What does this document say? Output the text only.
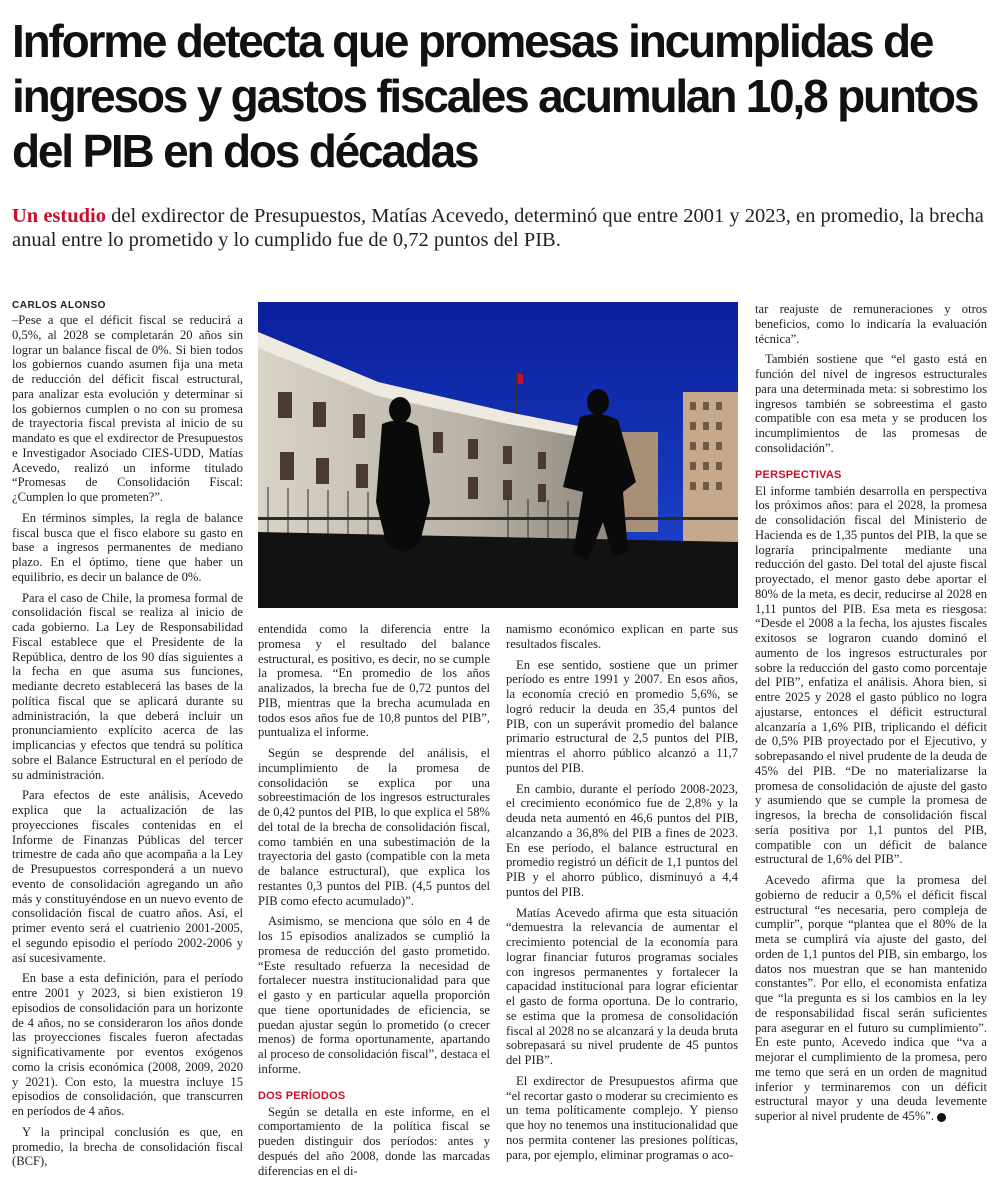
Informe detecta que promesas incumplidas de ingresos y gastos fiscales acumulan 10,8 puntos del PIB en dos décadas

Un estudio del exdirector de Presupuestos, Matías Acevedo, determinó que entre 2001 y 2023, en promedio, la brecha anual entre lo prometido y lo cumplido fue de 0,72 puntos del PIB.

CARLOS ALONSO

–Pese a que el déficit fiscal se reducirá a 0,5%, al 2028 se completarán 20 años sin lograr un balance fiscal de 0%. Si bien todos los gobiernos cuando asumen fija una meta de reducción del déficit fiscal estructural, para analizar esta evolución y determinar si los gobiernos cumplen o no con su promesa de trayectoria fiscal prevista al inicio de su mandato es que el exdirector de Presupuestos e Investigador Asociado CIES-UDD, Matías Acevedo, realizó un informe titulado “Promesas de Consolidación Fiscal: ¿Cumplen lo que prometen?”.

En términos simples, la regla de balance fiscal busca que el fisco elabore su gasto en base a ingresos permanentes de mediano plazo. En el óptimo, tiene que haber un equilibrio, es decir un balance de 0%.

Para el caso de Chile, la promesa formal de consolidación fiscal se realiza al inicio de cada gobierno. La Ley de Responsabilidad Fiscal establece que el Presidente de la República, dentro de los 90 días siguientes a la fecha en que asuma sus funciones, mediante decreto establecerá las bases de la política fiscal que se aplicará durante su administración, la que deberá incluir un pronunciamiento explícito acerca de las implicancias y efectos que tendrá su política sobre el Balance Estructural en el período de su administración.

Para efectos de este análisis, Acevedo explica que la actualización de las proyecciones fiscales contenidas en el Informe de Finanzas Públicas del tercer trimestre de cada año que acompaña a la Ley de Presupuestos corresponderá a un nuevo evento de consolidación agregando un año más y constituyéndose en un nuevo evento de consolidación fiscal de cuatro años. Así, el primer evento será el cuatrienio 2001-2005, el segundo episodio el período 2002-2006 y así sucesivamente.

En base a esta definición, para el período entre 2001 y 2023, si bien existieron 19 episodios de consolidación para un horizonte de 4 años, no se consideraron los años donde las proyecciones fiscales fueron afectadas significativamente por eventos exógenos como la crisis económica (2008, 2009, 2020 y 2021). Con esto, la muestra incluye 15 episodios de consolidación, que transcurren en períodos de 4 años.

Y la principal conclusión es que, en promedio, la brecha de consolidación fiscal (BCF),

entendida como la diferencia entre la promesa y el resultado del balance estructural, es positivo, es decir, no se cumple la promesa. “En promedio de los años analizados, la brecha fue de 0,72 puntos del PIB, mientras que la brecha acumulada en todos esos años fue de 10,8 puntos del PIB”, puntualiza el informe.

Según se desprende del análisis, el incumplimiento de la promesa de consolidación se explica por una sobreestimación de los ingresos estructurales de 0,42 puntos del PIB, lo que explica el 58% del total de la brecha de consolidación fiscal, como también en una subestimación de la trayectoria del gasto (compatible con la meta de balance estructural), que explica los restantes 0,3 puntos del PIB. (4,5 puntos del PIB como efecto acumulado)”.

Asimismo, se menciona que sólo en 4 de los 15 episodios analizados se cumplió la promesa de reducción del gasto prometido. “Este resultado refuerza la necesidad de fortalecer nuestra institucionalidad para que el gasto y en particular aquella proporción que tiene oportunidades de eficiencia, se puedan ajustar según lo prometido (o crecer menos) de forma oportunamente, apartando al proceso de consolidación fiscal”, destaca el informe.

DOS PERÍODOS

Según se detalla en este informe, en el comportamiento de la política fiscal se pueden distinguir dos períodos: antes y después del año 2008, donde las marcadas diferencias en el di-

namismo económico explican en parte sus resultados fiscales.

En ese sentido, sostiene que un primer período es entre 1991 y 2007. En esos años, la economía creció en promedio 5,6%, se logró reducir la deuda en 35,4 puntos del PIB, con un superávit promedio del balance primario estructural de 2,5 puntos del PIB, mientras el ahorro público alcanzó a 11,7 puntos del PIB.

En cambio, durante el período 2008-2023, el crecimiento económico fue de 2,8% y la deuda neta aumentó en 46,6 puntos del PIB, alcanzando a 36,8% del PIB a fines de 2023. En ese período, el balance estructural en promedio registró un déficit de 1,1 puntos del PIB y el ahorro público, disminuyó a 4,4 puntos del PIB.

Matías Acevedo afirma que esta situación “demuestra la relevancia de aumentar el crecimiento potencial de la economía para lograr financiar futuros programas sociales con ingresos permanentes y fortalecer la capacidad institucional para lograr eficientar el gasto de forma oportuna. De lo contrario, se estima que la promesa de consolidación fiscal al 2028 no se alcanzará y la deuda bruta sobrepasará su nivel prudente de 45 puntos del PIB”.

El exdirector de Presupuestos afirma que “el recortar gasto o moderar su crecimiento es un tema políticamente complejo. Y pienso que hoy no tenemos una institucionalidad que nos permita contener las presiones políticas, para, por ejemplo, eliminar programas o aco-

tar reajuste de remuneraciones y otros beneficios, como lo indicaría la evaluación técnica”.

También sostiene que “el gasto está en función del nivel de ingresos estructurales para una determinada meta: si sobrestimo los ingresos también se sobreestima el gasto compatible con esa meta y se producen los incumplimientos de las promesas de consolidación”.

PERSPECTIVAS

El informe también desarrolla en perspectiva los próximos años: para el 2028, la promesa de consolidación fiscal del Ministerio de Hacienda es de 1,35 puntos del PIB, la que se lograría principalmente mediante una reducción del gasto. Del total del ajuste fiscal proyectado, el menor gasto debe aportar el 80% de la meta, es decir, reducirse al 2028 en 1,11 puntos del PIB. Esa meta es riesgosa: “Desde el 2008 a la fecha, los ajustes fiscales exitosos se lograron cuando dominó el aumento de los ingresos estructurales por sobre la reducción del gasto como porcentaje del PIB”, enfatiza el análisis. Ahora bien, si entre 2025 y 2028 el gasto público no logra ajustarse, entonces el déficit estructural alcanzaría a 1,6% PIB, triplicando el déficit de 0,5% PIB proyectado por el Ejecutivo, y sobrepasando el nivel prudente de la deuda de 45% del PIB. “De no materializarse la promesa de consolidación de ajuste del gasto y asumiendo que se cumple la promesa de ingresos, la brecha de consolidación fiscal sería positiva por 1,1 puntos del PIB, compatible con un déficit de balance estructural de 1,6% del PIB”.

Acevedo afirma que la promesa del gobierno de reducir a 0,5% el déficit fiscal estructural “es necesaria, pero compleja de cumplir”, porque “plantea que el 80% de la meta se cumplirá vía ajuste del gasto, del orden de 1,1 puntos del PIB, sin embargo, los datos nos muestran que se han mantenido constantes”. Por ello, el economista enfatiza que “la pregunta es si los cambios en la ley de responsabilidad fiscal serán suficientes para asegurar en el futuro su cumplimiento”. En este punto, Acevedo indica que “va a mejorar el cumplimiento de la promesa, pero me temo que será en un orden de magnitud inferior y terminaremos con un déficit estructural mayor y una deuda levemente superior al nivel prudente de 45%”. P
